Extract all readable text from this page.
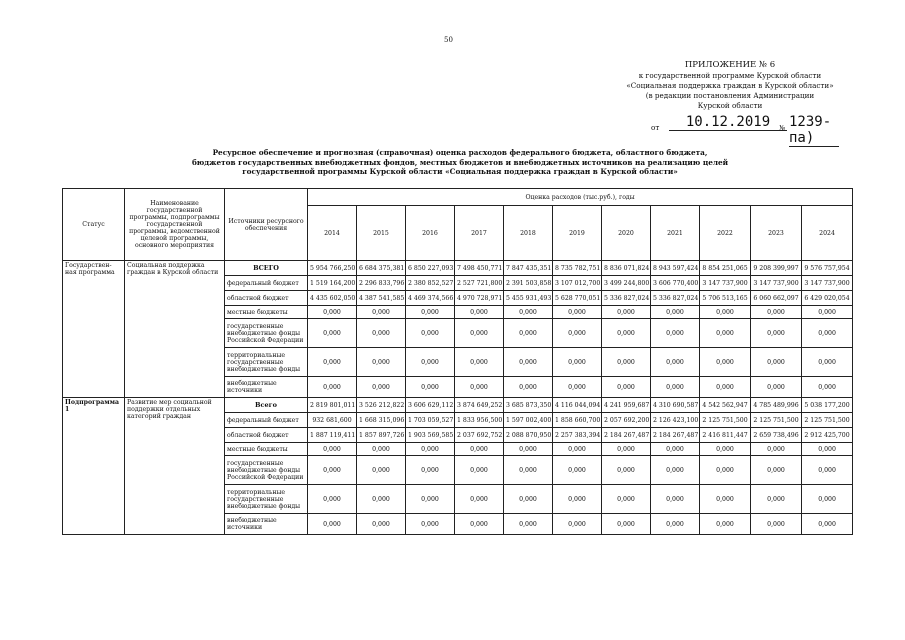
50
ПРИЛОЖЕНИЕ № 6
к государственной программе Курской области
«Социальная поддержка граждан в Курской области»
(в редакции постановления Администрации
Курской области
от	10.12.2019	№ 1239-па)
Ресурсное обеспечение и прогнозная (справочная) оценка расходов федерального бюджета, областного бюджета,
бюджетов государственных внебюджетных фондов, местных бюджетов и внебюджетных источников на реализацию целей
государственной программы Курской области «Социальная поддержка граждан в Курской области»
Статус	Наименование государственной программы, подпрограммы государственной программы, ведомственной целевой программы, основного мероприятия	Источники ресурсного обеспечения	Оценка расходов (тыс.руб.), годы										
			2014	2015	2016	2017	2018	2019	2020	2021	2022	2023	2024
Государствен-ная программа	Социальная поддержка граждан в Курской области	ВСЕГО	5 954 766,250	6 684 375,381	6 850 227,093	7 498 450,771	7 847 435,351	8 735 782,751	8 836 071,824	8 943 597,424	8 854 251,065	9 208 399,997	9 576 757,954
		федеральный бюджет	1 519 164,200	2 296 833,796	2 380 852,527	2 527 721,800	2 391 503,858	3 107 012,700	3 499 244,800	3 606 770,400	3 147 737,900	3 147 737,900	3 147 737,900
		областной бюджет	4 435 602,050	4 387 541,585	4 469 374,566	4 970 728,971	5 455 931,493	5 628 770,051	5 336 827,024	5 336 827,024	5 706 513,165	6 060 662,097	6 429 020,054
		местные бюджеты	0,000	0,000	0,000	0,000	0,000	0,000	0,000	0,000	0,000	0,000	0,000
		государственные внебюджетные фонды Российской Федерации	0,000	0,000	0,000	0,000	0,000	0,000	0,000	0,000	0,000	0,000	0,000
		территориальные государственные внебюджетные фонды	0,000	0,000	0,000	0,000	0,000	0,000	0,000	0,000	0,000	0,000	0,000
		внебюджетные источники	0,000	0,000	0,000	0,000	0,000	0,000	0,000	0,000	0,000	0,000	0,000
Подпрограмма 1	Развитие мер социальной поддержки отдельных категорий граждан	Всего	2 819 801,011	3 526 212,822	3 606 629,112	3 874 649,252	3 685 873,350	4 116 044,094	4 241 959,687	4 310 690,587	4 542 562,947	4 785 489,996	5 038 177,200
		федеральный бюджет	932 681,600	1 668 315,096	1 703 059,527	1 833 956,500	1 597 002,400	1 858 660,700	2 057 692,200	2 126 423,100	2 125 751,500	2 125 751,500	2 125 751,500
		областной бюджет	1 887 119,411	1 857 897,726	1 903 569,585	2 037 692,752	2 088 870,950	2 257 383,394	2 184 267,487	2 184 267,487	2 416 811,447	2 659 738,496	2 912 425,700
		местные бюджеты	0,000	0,000	0,000	0,000	0,000	0,000	0,000	0,000	0,000	0,000	0,000
		государственные внебюджетные фонды Российской Федерации	0,000	0,000	0,000	0,000	0,000	0,000	0,000	0,000	0,000	0,000	0,000
		территориальные государственные внебюджетные фонды	0,000	0,000	0,000	0,000	0,000	0,000	0,000	0,000	0,000	0,000	0,000
		внебюджетные источники	0,000	0,000	0,000	0,000	0,000	0,000	0,000	0,000	0,000	0,000	0,000
